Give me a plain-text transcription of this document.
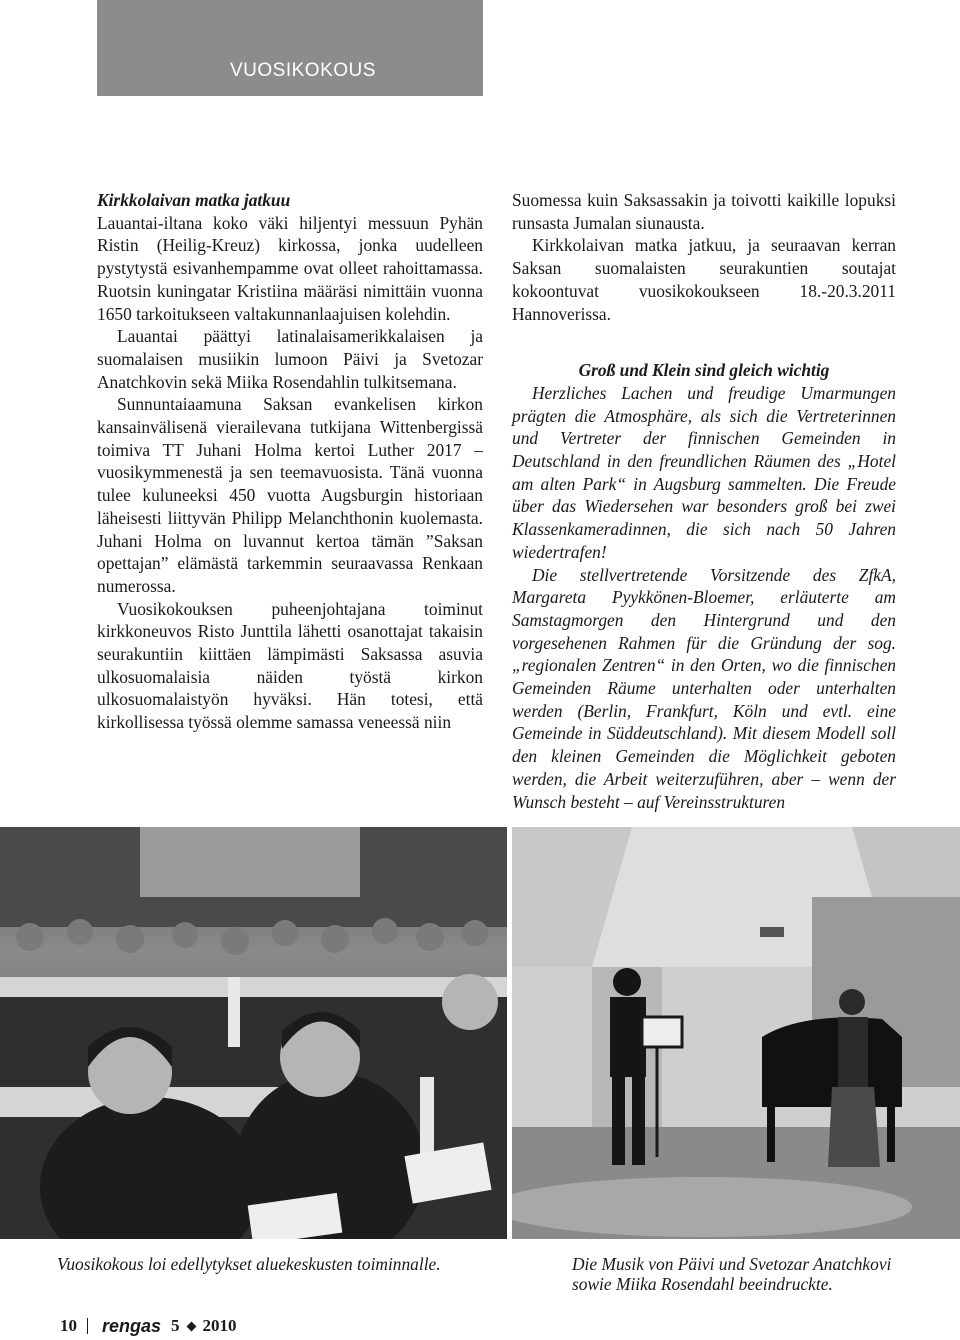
VUOSIKOKOUS
Kirkkolaivan matka jatkuu

Lauantai-iltana koko väki hiljentyi messuun Pyhän Ristin (Heilig-Kreuz) kirkossa, jonka uudelleen pystytystä esivanhempamme ovat olleet rahoittamassa. Ruotsin kuningatar Kristiina määräsi nimittäin vuonna 1650 tarkoitukseen valtakunnanlaajuisen kolehdin.

Lauantai päättyi latinalaisamerikkalaisen ja suomalaisen musiikin lumoon Päivi ja Svetozar Anatchkovin sekä Miika Rosendahlin tulkitsemana.

Sunnuntaiaamuna Saksan evankelisen kirkon kansainvälisenä vierailevana tutkijana Wittenbergissä toimiva TT Juhani Holma kertoi Luther 2017 –vuosikymmenestä ja sen teemavuosista. Tänä vuonna tulee kuluneeksi 450 vuotta Augsburgin historiaan läheisesti liittyvän Philipp Melanchthonin kuolemasta. Juhani Holma on luvannut kertoa tämän ”Saksan opettajan” elämästä tarkemmin seuraavassa Renkaan numerossa.

Vuosikokouksen puheenjohtajana toiminut kirkkoneuvos Risto Junttila lähetti osanottajat takaisin seurakuntiin kiittäen lämpimästi Saksassa asuvia ulkosuomalaisia näiden työstä kirkon ulkosuomalaistyön hyväksi. Hän totesi, että kirkollisessa työssä olemme samassa veneessä niin

Suomessa kuin Saksassakin ja toivotti kaikille lopuksi runsasta Jumalan siunausta.

Kirkkolaivan matka jatkuu, ja seuraavan kerran Saksan suomalaisten seurakuntien soutajat kokoontuvat vuosikokoukseen 18.-20.3.2011 Hannoverissa.

Groß und Klein sind gleich wichtig

Herzliches Lachen und freudige Umarmungen prägten die Atmosphäre, als sich die Vertreterinnen und Vertreter der finnischen Gemeinden in Deutschland in den freundlichen Räumen des „Hotel am alten Park“ in Augsburg sammelten. Die Freude über das Wiedersehen war besonders groß bei zwei Klassenkameradinnen, die sich nach 50 Jahren wiedertrafen!

Die stellvertretende Vorsitzende des ZfkA, Margareta Pyykkönen-Bloemer, erläuterte am Samstagmorgen den Hintergrund und den vorgesehenen Rahmen für die Gründung der sog. „regionalen Zentren“ in den Orten, wo die finnischen Gemeinden Räume unterhalten oder unterhalten werden (Berlin, Frankfurt, Köln und evtl. eine Gemeinde in Süddeutschland). Mit diesem Modell soll den kleinen Gemeinden die Möglichkeit geboten werden, die Arbeit weiterzuführen, aber – wenn der Wunsch besteht – auf Vereinsstrukturen

Vuosikokous loi edellytykset aluekeskusten toiminnalle.	Die Musik von Päivi und Svetozar Anatchkovi
sowie Miika Rosendahl beeindruckte.
10 rengas 5 2010
